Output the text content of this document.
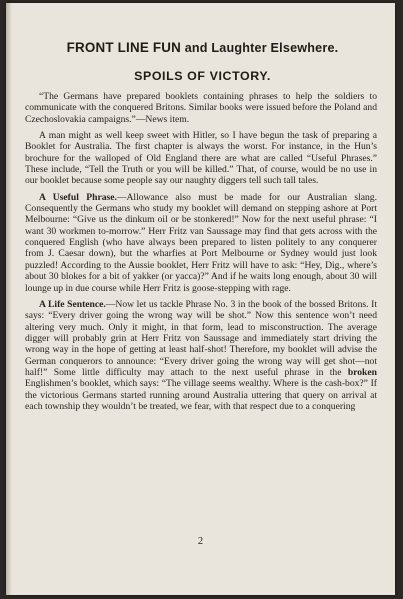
FRONT LINE FUN and Laughter Elsewhere.
SPOILS OF VICTORY.

“The Germans have prepared booklets containing phrases to help the soldiers to communicate with the conquered Britons. Similar books were issued before the Poland and Czechoslovakia campaigns.”—News item.

A man might as well keep sweet with Hitler, so I have begun the task of preparing a Booklet for Australia. The first chapter is always the worst. For instance, in the Hun’s brochure for the walloped of Old England there are what are called “Useful Phrases.” These include, “Tell the Truth or you will be killed.” That, of course, would be no use in our booklet because some people say our naughty diggers tell such tall tales.

A Useful Phrase.—Allowance also must be made for our Australian slang. Consequently the Germans who study my booklet will demand on stepping ashore at Port Melbourne: “Give us the dinkum oil or be stonkered!” Now for the next useful phrase: “I want 30 workmen to-morrow.” Herr Fritz van Saussage may find that gets across with the conquered English (who have always been prepared to listen politely to any conquerer from J. Caesar down), but the wharfies at Port Melbourne or Sydney would just look puzzled! According to the Aussie booklet, Herr Fritz will have to ask: “Hey, Dig., where’s about 30 blokes for a bit of yakker (or yacca)?” And if he waits long enough, about 30 will lounge up in due course while Herr Fritz is goose-stepping with rage.

A Life Sentence.—Now let us tackle Phrase No. 3 in the book of the bossed Britons. It says: “Every driver going the wrong way will be shot.” Now this sentence won’t need altering very much. Only it might, in that form, lead to misconstruction. The average digger will probably grin at Herr Fritz von Saussage and immediately start driving the wrong way in the hope of getting at least half-shot! Therefore, my booklet will advise the German conquerors to announce: “Every driver going the wrong way will get shot—not half!” Some little difficulty may attach to the next useful phrase in the broken Englishmen’s booklet, which says: “The village seems wealthy. Where is the cash-box?” If the victorious Germans started running around Australia uttering that query on arrival at each township they wouldn’t be treated, we fear, with that respect due to a conquering

2
